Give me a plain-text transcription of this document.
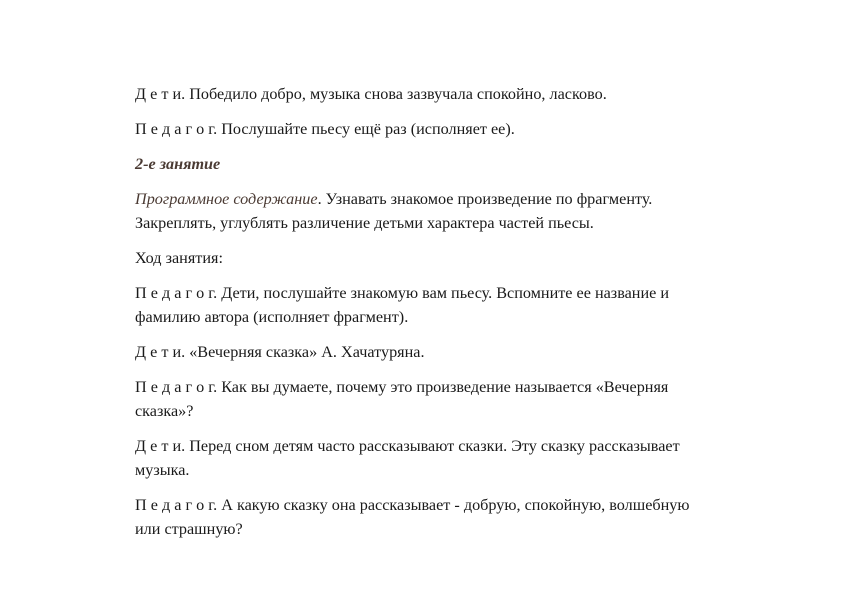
Д е т и. Победило добро, музыка снова зазвучала спокойно, ласково.

П е д а г о г. Послушайте пьесу ещё раз (исполняет ее).

2-е занятие

Программное содержание. Узнавать знакомое произведение по фрагменту.
Закреплять, углублять различение детьми характера частей пьесы.

Ход занятия:

П е д а г о г. Дети, послушайте знакомую вам пьесу. Вспомните ее название и
фамилию автора (исполняет фрагмент).

Д е т и. «Вечерняя сказка» А. Хачатуряна.

П е д а г о г. Как вы думаете, почему это произведение называется «Вечерняя
сказка»?

Д е т и. Перед сном детям часто рассказывают сказки. Эту сказку рассказывает
музыка.

П е д а г о г. А какую сказку она рассказывает - добрую, спокойную, волшебную
или страшную?
